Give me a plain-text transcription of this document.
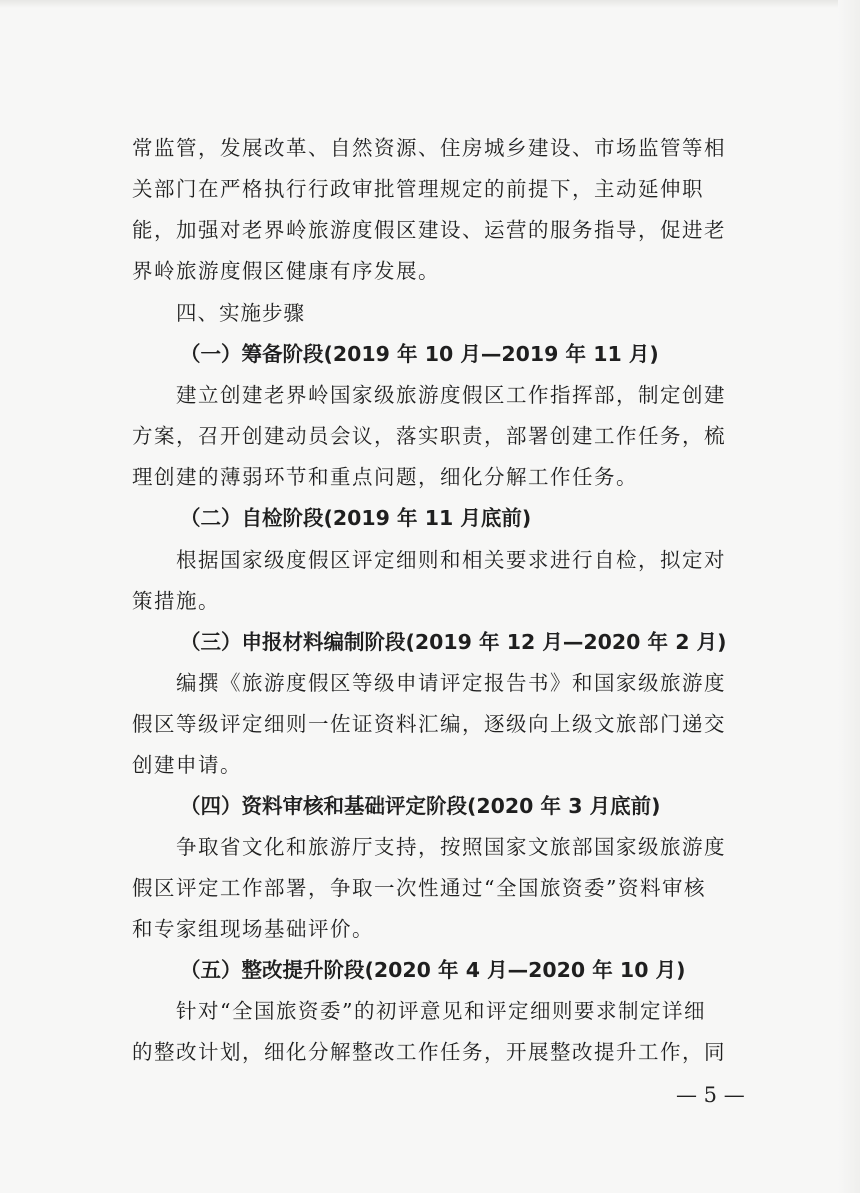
常监管，发展改革、自然资源、住房城乡建设、市场监管等相
关部门在严格执行行政审批管理规定的前提下，主动延伸职
能，加强对老界岭旅游度假区建设、运营的服务指导，促进老
界岭旅游度假区健康有序发展。
四、实施步骤
（一）筹备阶段(2019 年 10 月—2019 年 11 月)
建立创建老界岭国家级旅游度假区工作指挥部，制定创建
方案，召开创建动员会议，落实职责，部署创建工作任务，梳
理创建的薄弱环节和重点问题，细化分解工作任务。
（二）自检阶段(2019 年 11 月底前)
根据国家级度假区评定细则和相关要求进行自检，拟定对
策措施。
（三）申报材料编制阶段(2019 年 12 月—2020 年 2 月)
编撰《旅游度假区等级申请评定报告书》和国家级旅游度
假区等级评定细则一佐证资料汇编，逐级向上级文旅部门递交
创建申请。
（四）资料审核和基础评定阶段(2020 年 3 月底前)
争取省文化和旅游厅支持，按照国家文旅部国家级旅游度
假区评定工作部署，争取一次性通过“全国旅资委”资料审核
和专家组现场基础评价。
（五）整改提升阶段(2020 年 4 月—2020 年 10 月)
针对“全国旅资委”的初评意见和评定细则要求制定详细
的整改计划，细化分解整改工作任务，开展整改提升工作，同
— 5 —
